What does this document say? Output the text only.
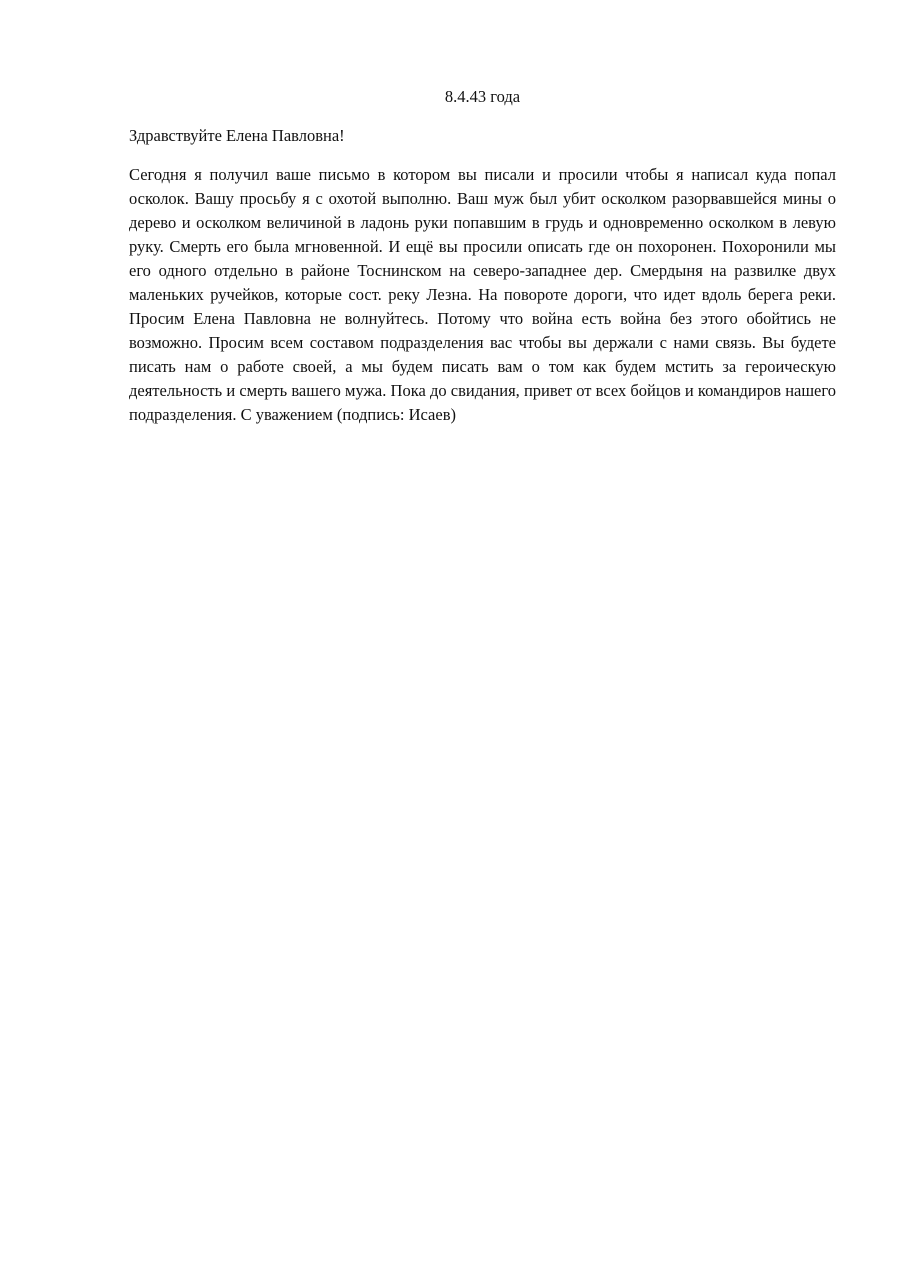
8.4.43 года
Здравствуйте Елена Павловна!

Сегодня я получил ваше письмо в котором вы писали и просили чтобы я написал куда попал осколок. Вашу просьбу я с охотой выполню. Ваш муж был убит осколком разорвавшейся мины о дерево и осколком величиной в ладонь руки попавшим в грудь и одновременно осколком в левую руку. Смерть его была мгновенной. И ещё вы просили описать где он похоронен. Похоронили мы его одного отдельно в районе Тоснинском на северо-западнее дер. Смердыня на развилке двух маленьких ручейков, которые сост. реку Лезна. На повороте дороги, что идет вдоль берега реки. Просим Елена Павловна не волнуйтесь. Потому что война есть война без этого обойтись не возможно. Просим всем составом подразделения вас чтобы вы держали с нами связь. Вы будете писать нам о работе своей, а мы будем писать вам о том как будем мстить за героическую деятельность и смерть вашего мужа. Пока до свидания, привет от всех бойцов и командиров нашего подразделения. С уважением (подпись: Исаев)
